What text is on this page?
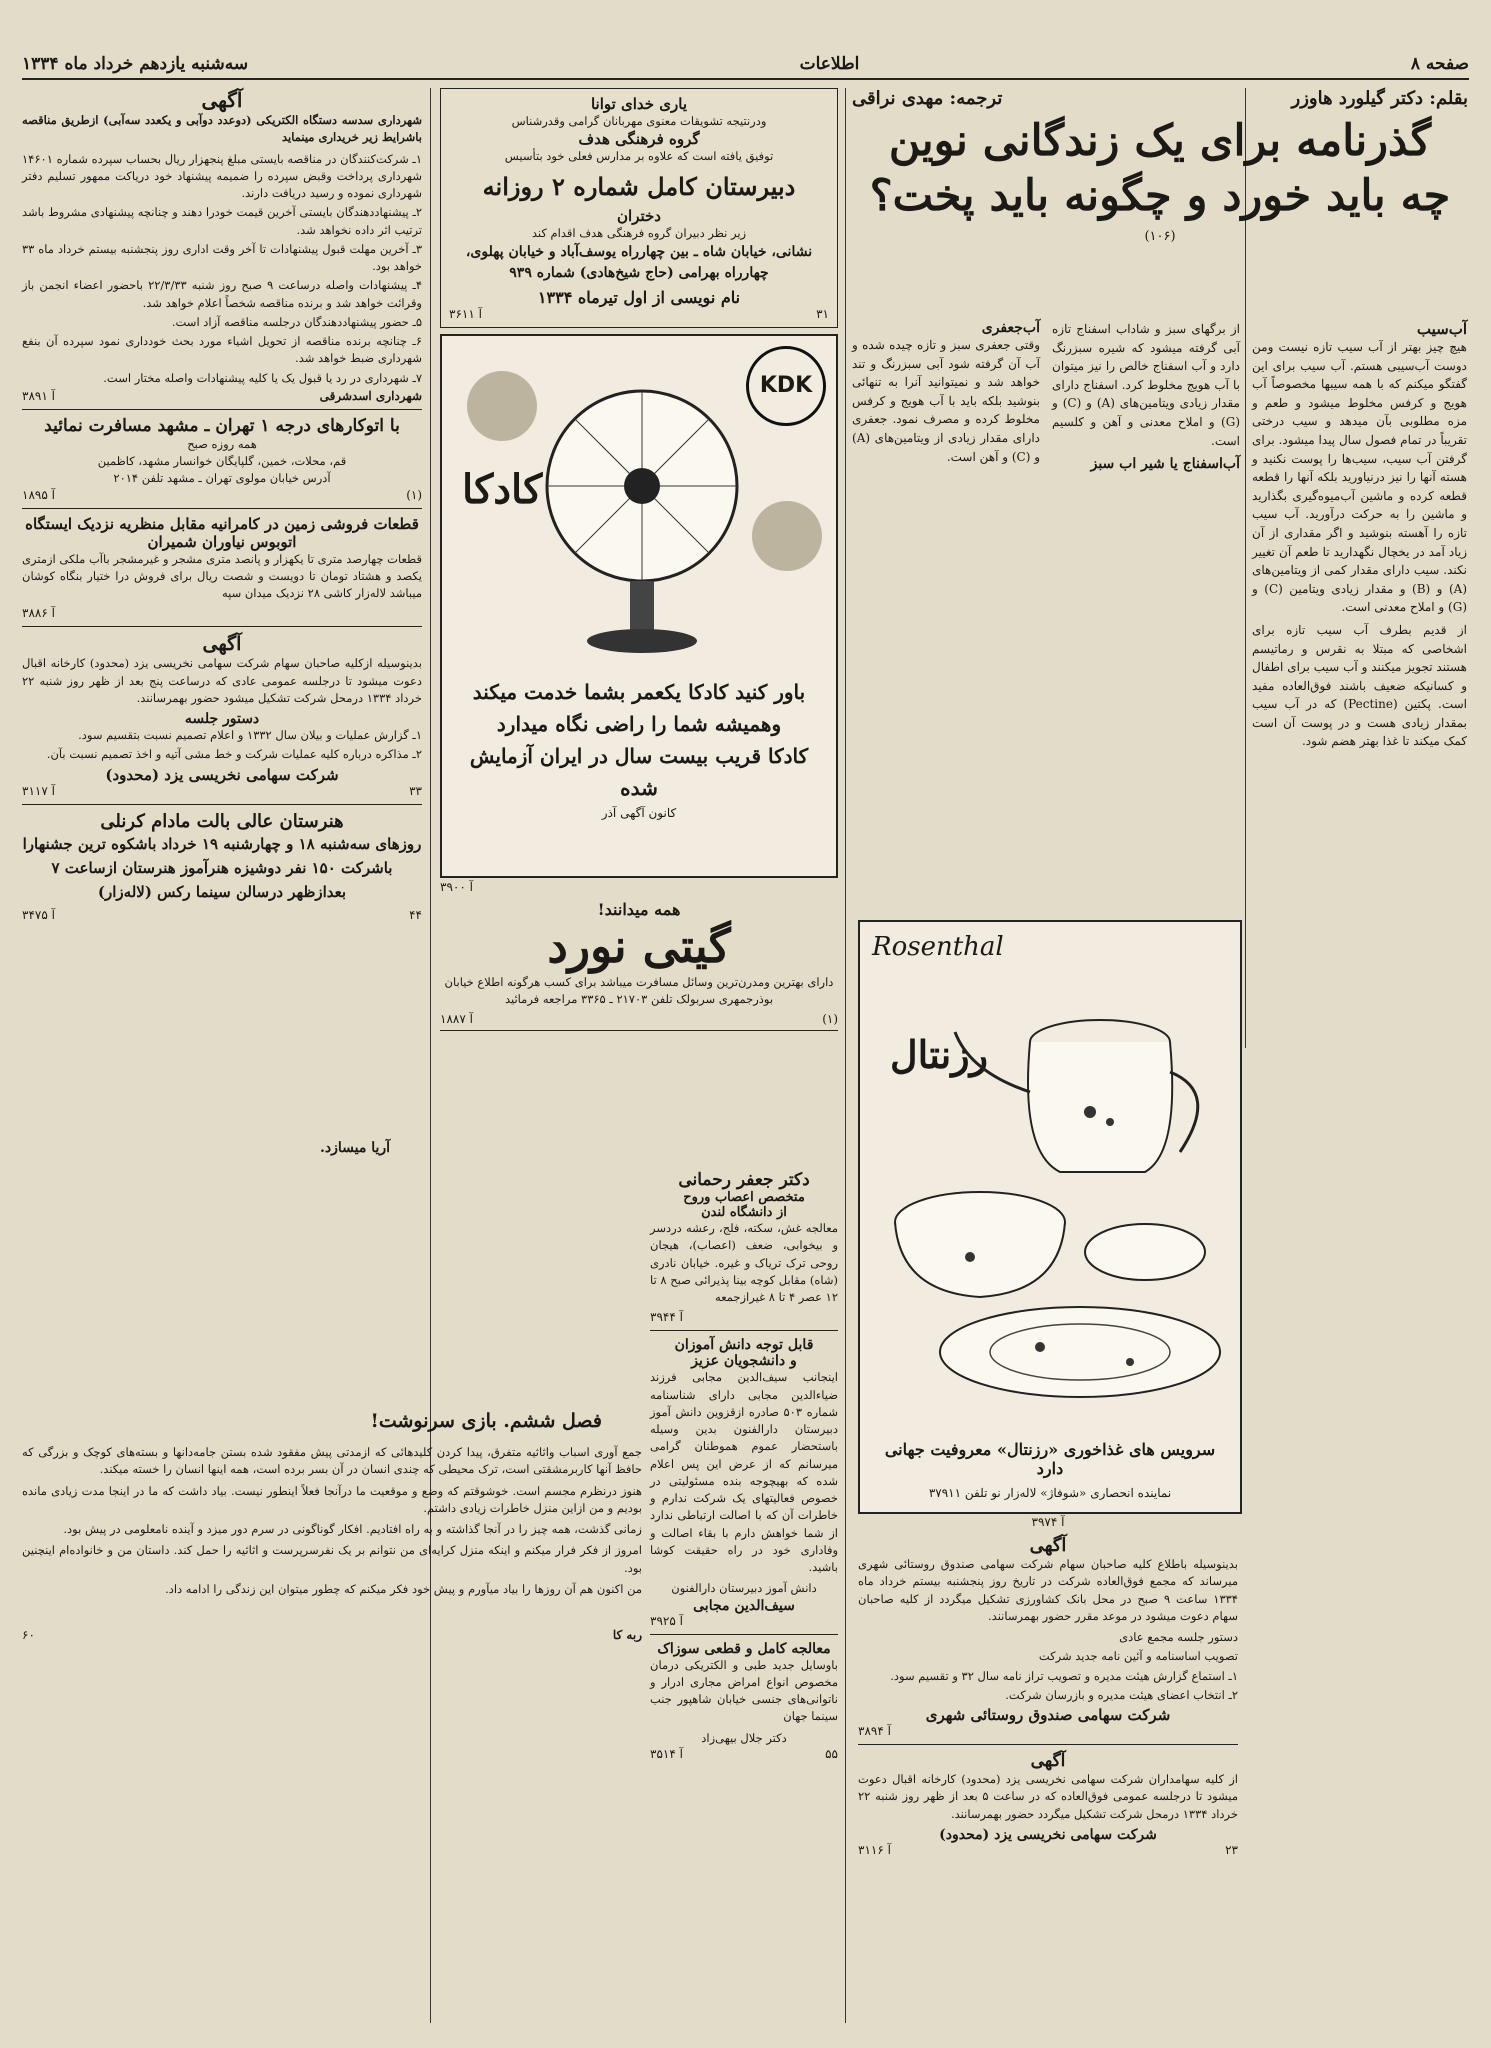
صفحه ۸
اطلاعات
سه‌شنبه یازدهم خرداد ماه ۱۳۳۴
بقلم: دکتر گیلورد هاوزر
ترجمه: مهدی نراقی
گذرنامه برای یک زندگانی نوین
چه باید خورد و چگونه باید پخت؟
(۱۰۶)
آب‌سیب

هیچ چیز بهتر از آب سیب تازه نیست ومن دوست آب‌سیبی هستم. آب سیب برای این گفتگو میکنم که با همه سیبها مخصوصاً آب هویج و کرفس مخلوط میشود و طعم و مزه مطلوبی بآن میدهد و سیب درختی تقریباً در تمام فصول سال پیدا میشود. برای گرفتن آب سیب، سیب‌ها را پوست نکنید و هسته آنها را نیز درنیاورید بلکه آنها را قطعه قطعه کرده و ماشین آب‌میوه‌گیری بگذارید و ماشین را به حرکت درآورید. آب سیب تازه را آهسته بنوشید و اگر مقداری از آن زیاد آمد در یخچال نگهدارید تا طعم آن تغییر نکند. سیب دارای مقدار کمی از ویتامین‌های (A) و (B) و مقدار زیادی ویتامین (C) و (G) و املاح معدنی است.

از قدیم بطرف آب سیب تازه برای اشخاصی که مبتلا به نقرس و رماتیسم هستند تجویز میکنند و آب سیب برای اطفال و کسانیکه ضعیف باشند فوق‌العاده مفید است. پکتین (Pectine) که در آب سیب بمقدار زیادی هست و در پوست آن است کمک میکند تا غذا بهتر هضم شود.

از برگهای سبز و شاداب اسفناج تازه آبی گرفته میشود که شیره سبزرنگ دارد و آب اسفناج خالص را نیز میتوان با آب هویج مخلوط کرد. اسفناج دارای مقدار زیادی ویتامین‌های (A) و (C) و (G) و املاح معدنی و آهن و کلسیم است.

آب‌اسفناج یا شیر اب سبز
آب‌جعفری

وقتی جعفری سبز و تازه چیده شده و آب آن گرفته شود آبی سبزرنگ و تند خواهد شد و نمیتوانید آنرا به تنهائی بنوشید بلکه باید با آب هویج و کرفس مخلوط کرده و مصرف نمود. جعفری دارای مقدار زیادی از ویتامین‌های (A) و (C) و آهن است.

Rosenthal
رزنتال
سرویس های غذاخوری «رزنتال» معروفیت جهانی دارد
نماینده انحصاری «شوفاژ» لاله‌زار نو تلفن ۳۷۹۱۱
آ ۳۹۷۴
آگهی

بدینوسیله باطلاع کلیه صاحبان سهام شرکت سهامی صندوق روستائی شهری میرساند که مجمع فوق‌العاده شرکت در تاریخ روز پنجشنبه بیستم خرداد ماه ۱۳۳۴ ساعت ۹ صبح در محل بانک کشاورزی تشکیل میگردد از کلیه صاحبان سهام دعوت میشود در موعد مقرر حضور بهمرسانند.

دستور جلسه مجمع عادی
تصویب اساسنامه و آئین نامه جدید شرکت
۱ـ استماع گزارش هیئت مدیره و تصویب تراز نامه سال ۳۲ و تقسیم سود.
۲ـ انتخاب اعضای هیئت مدیره و بازرسان شرکت.
شرکت سهامی صندوق روستائی شهری
آ ۳۸۹۴
آگهی

از کلیه سهامداران شرکت سهامی نخریسی یزد (محدود) کارخانه اقبال دعوت میشود تا درجلسه عمومی فوق‌العاده که در ساعت ۵ بعد از ظهر روز شنبه ۲۲ خرداد ۱۳۳۴ درمحل شرکت تشکیل میگردد حضور بهمرسانند.

شرکت سهامی نخریسی یزد (محدود)
آ ۳۱۱۶	۲۳
آگهی

شهرداری سدسه دستگاه الکتریکی (دوعدد دوآبی و یکعدد سه‌آبی) ازطریق مناقصه باشرایط زیر خریداری مینماید

۱ـ شرکت‌کنندگان در مناقصه بایستی مبلغ پنجهزار ریال بحساب سپرده شماره ۱۴۶۰۱ شهرداری پرداخت وقبض سپرده را ضمیمه پیشنهاد خود دریاکت ممهور تسلیم دفتر شهرداری نموده و رسید دریافت دارند.
۲ـ پیشنهاددهندگان بایستی آخرین قیمت خودرا دهند و چنانچه پیشنهادی مشروط باشد ترتیب اثر داده نخواهد شد.
۳ـ آخرین مهلت قبول پیشنهادات تا آخر وقت اداری روز پنجشنبه بیستم خرداد ماه ۳۳ خواهد بود.
۴ـ پیشنهادات واصله درساعت ۹ صبح روز شنبه ۲۲/۳/۳۳ باحضور اعضاء انجمن باز وقرائت خواهد شد و برنده مناقصه شخصاً اعلام خواهد شد.
۵ـ حضور پیشنهاددهندگان درجلسه مناقصه آزاد است.
۶ـ چنانچه برنده مناقصه از تحویل اشیاء مورد بحث خودداری نمود سپرده آن بنفع شهرداری ضبط خواهد شد.
۷ـ شهرداری در رد یا قبول یک یا کلیه پیشنهادات واصله مختار است.
آ ۳۸۹۱	شهرداری اسدشرقی
با اتوکارهای درجه ۱ تهران ـ مشهد مسافرت نمائید
همه روزه صبح
قم، محلات، خمین، گلپایگان خوانسار مشهد، کاظمین
آدرس خیابان مولوی تهران ـ مشهد تلفن ۲۰۱۴
آ ۱۸۹۵	(۱)
قطعات فروشی زمین در کامرانیه مقابل منظریه نزدیک ایستگاه اتوبوس نیاوران شمیران

قطعات چهارصد متری تا یکهزار و پانصد متری مشجر و غیرمشجر باآب ملکی ازمتری یکصد و هشتاد تومان تا دویست و شصت ریال برای فروش درا ختیار بنگاه کوشان میباشد لاله‌زار کاشی ۲۸ نزدیک میدان سپه

آ ۳۸۸۶
آگهی

بدینوسیله ازکلیه صاحبان سهام شرکت سهامی نخریسی یزد (محدود) کارخانه اقبال دعوت میشود تا درجلسه عمومی عادی که درساعت پنج بعد از ظهر روز شنبه ۲۲ خرداد ۱۳۳۴ درمحل شرکت تشکیل میشود حضور بهمرسانند.

دستور جلسه
۱ـ گزارش عملیات و بیلان سال ۱۳۳۲ و اعلام تصمیم نسبت بتقسیم سود.
۲ـ مذاکره درباره کلیه عملیات شرکت و خط مشی آتیه و اخذ تصمیم نسبت بآن.
شرکت سهامی نخریسی یزد (محدود)
آ ۳۱۱۷	۳۳
هنرستان عالی بالت مادام کرنلی

روزهای سه‌شنبه ۱۸ و چهارشنبه ۱۹ خرداد باشکوه ترین جشنهارا باشرکت ۱۵۰ نفر دوشیزه هنرآموز هنرستان ازساعت ۷ بعدازظهر درسالن سینما رکس (لاله‌زار)

آ ۳۴۷۵	۴۴
فصل ششم. بازی سرنوشت!

جمع آوری اسباب واثاثیه متفرق، پیدا کردن کلیدهائی که ازمدتی پیش مفقود شده بستن جامه‌دانها و بسته‌های کوچک و بزرگی که حافظ آنها کاربرمشقتی است، ترک محیطی که چندی انسان در آن بسر برده است، همه اینها انسان را خسته میکند.

هنوز درنظرم مجسم است. خوشوقتم که وضع و موقعیت ما درآنجا فعلاً اینطور نیست. بیاد داشت که ما در اینجا مدت زیادی مانده بودیم و من ازاین منزل خاطرات زیادی داشتم.

زمانی گذشت، همه چیز را در آنجا گذاشته و به راه افتادیم. افکار گوناگونی در سرم دور میزد و آینده نامعلومی در پیش بود.

امروز از فکر فرار میکنم و اینکه منزل کرایه‌ای من نتوانم بر یک نفرسرپرست و اثاثیه را حمل کند. داستان من و خانواده‌ام اینچنین بود.

من اکنون هم آن روزها را بیاد میآورم و پیش خود فکر میکنم که چطور میتوان این زندگی را ادامه داد.

۶۰	ربه کا
آریا میسازد.
یاری خدای توانا
ودرنتیجه تشویقات معنوی مهربانان گرامی وقدرشناس
گروه فرهنگی هدف
توفیق یافته است که علاوه بر مدارس فعلی خود بتأسیس
دبیرستان کامل شماره ۲ روزانه
دختران
زیر نظر دبیران گروه فرهنگی هدف اقدام کند
نشانی، خیابان شاه ـ بین چهارراه یوسف‌آباد و خیابان پهلوی، چهارراه بهرامی (حاج شیخ‌هادی) شماره ۹۳۹
نام نویسی از اول تیرماه ۱۳۳۴
آ ۳۶۱۱	۳۱
KDK
کادکا
باور کنید کادکا یکعمر بشما خدمت میکند
وهمیشه شما را راضی نگاه میدارد
کادکا قریب بیست سال در ایران آزمایش شده
کانون آگهی آذر
آ ۳۹۰۰
همه میدانند!
گیتی نورد

دارای بهترین ومدرن‌ترین وسائل مسافرت میباشد برای کسب هرگونه اطلاع خیابان بوذرجمهری سربولک تلفن ۲۱۷۰۳ ـ ۳۳۶۵ مراجعه فرمائید

آ ۱۸۸۷	(۱)
دکتر جعفر رحمانی
متخصص اعصاب وروح
از دانشگاه لندن

معالجه غش، سکته، فلج، رعشه دردسر و بیخوابی، ضعف (اعصاب)، هیجان روحی ترک تریاک و غیره. خیابان نادری (شاه) مقابل کوچه بینا پذیرائی صبح ۸ تا ۱۲ عصر ۴ تا ۸ غیرازجمعه

آ ۳۹۴۴
قابل توجه دانش آموزان
و دانشجویان عزیز

اینجانب سیف‌الدین مجابی فرزند ضیاءالدین مجابی دارای شناسنامه شماره ۵۰۳ صادره ازقزوین دانش آموز دبیرستان دارالفنون بدین وسیله باستحضار عموم هموطنان گرامی میرسانم که از عرض این پس اعلام شده که بهیچوجه بنده مسئولیتی در خصوص فعالیتهای یک شرکت ندارم و خاطرات آن که با اصالت ارتباطی ندارد از شما خواهش دارم با بقاء اصالت و وفاداری خود در راه حقیقت کوشا باشید.

دانش آموز دبیرستان دارالفنون
سیف‌الدین مجابی
آ ۳۹۲۵
معالجه کامل و قطعی سوزاک

باوسایل جدید طبی و الکتریکی درمان مخصوص انواع امراض مجاری ادرار و ناتوانی‌های جنسی خیابان شاهپور جنب سینما جهان

دکتر جلال بیهی‌زاد
آ ۳۵۱۴	۵۵
